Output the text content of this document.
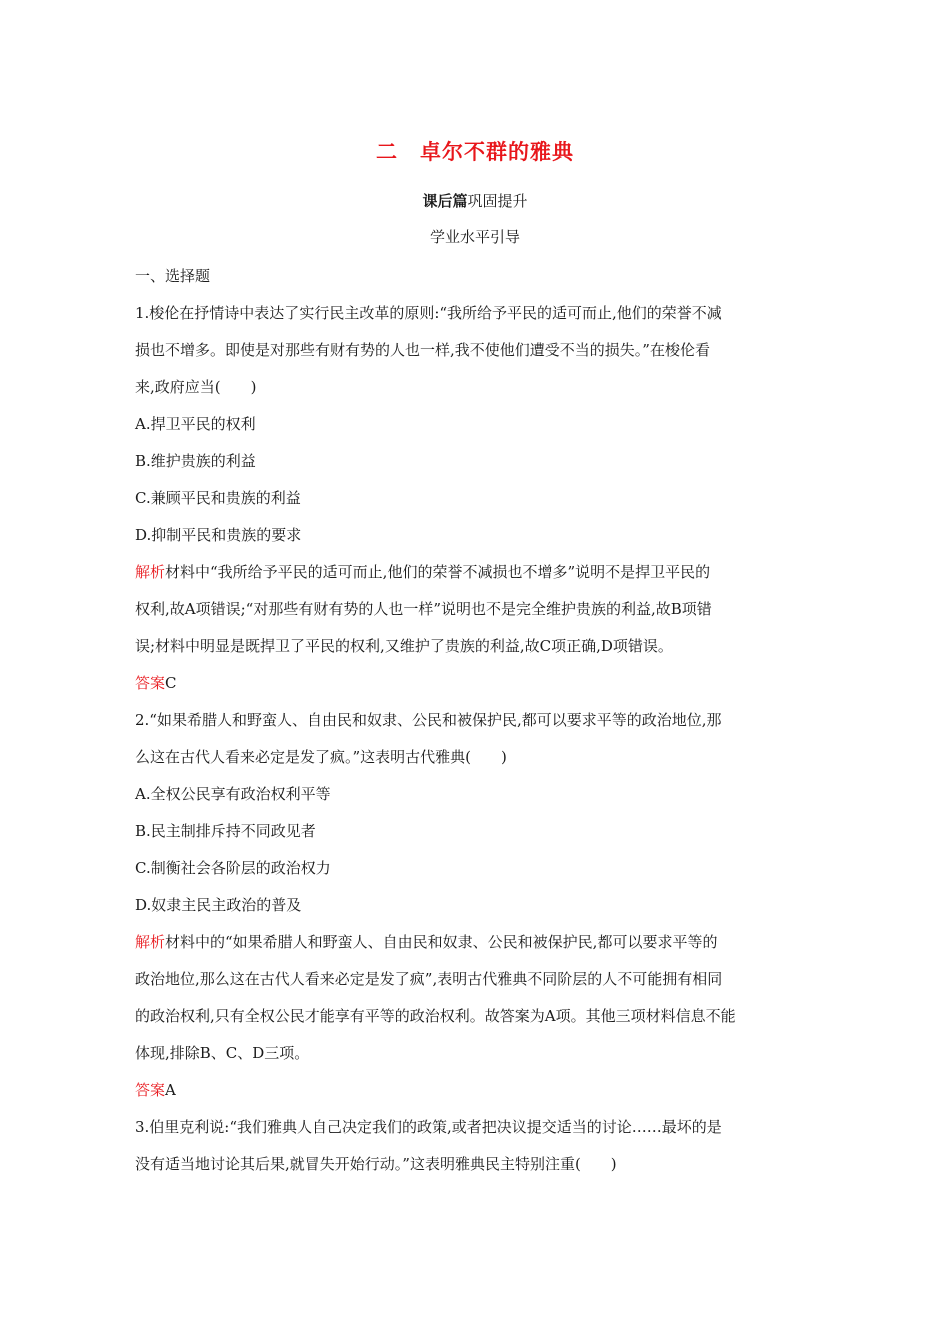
二　卓尔不群的雅典
课后篇巩固提升
学业水平引导
一、选择题
1.梭伦在抒情诗中表达了实行民主改革的原则:“我所给予平民的适可而止,他们的荣誉不减
损也不增多。即使是对那些有财有势的人也一样,我不使他们遭受不当的损失。”在梭伦看
来,政府应当(　　)
A.捍卫平民的权利
B.维护贵族的利益
C.兼顾平民和贵族的利益
D.抑制平民和贵族的要求
解析材料中“我所给予平民的适可而止,他们的荣誉不减损也不增多”说明不是捍卫平民的
权利,故A项错误;“对那些有财有势的人也一样”说明也不是完全维护贵族的利益,故B项错
误;材料中明显是既捍卫了平民的权利,又维护了贵族的利益,故C项正确,D项错误。
答案C
2.“如果希腊人和野蛮人、自由民和奴隶、公民和被保护民,都可以要求平等的政治地位,那
么这在古代人看来必定是发了疯。”这表明古代雅典(　　)
A.全权公民享有政治权利平等
B.民主制排斥持不同政见者
C.制衡社会各阶层的政治权力
D.奴隶主民主政治的普及
解析材料中的“如果希腊人和野蛮人、自由民和奴隶、公民和被保护民,都可以要求平等的
政治地位,那么这在古代人看来必定是发了疯”,表明古代雅典不同阶层的人不可能拥有相同
的政治权利,只有全权公民才能享有平等的政治权利。故答案为A项。其他三项材料信息不能
体现,排除B、C、D三项。
答案A
3.伯里克利说:“我们雅典人自己决定我们的政策,或者把决议提交适当的讨论……最坏的是
没有适当地讨论其后果,就冒失开始行动。”这表明雅典民主特别注重(　　)
